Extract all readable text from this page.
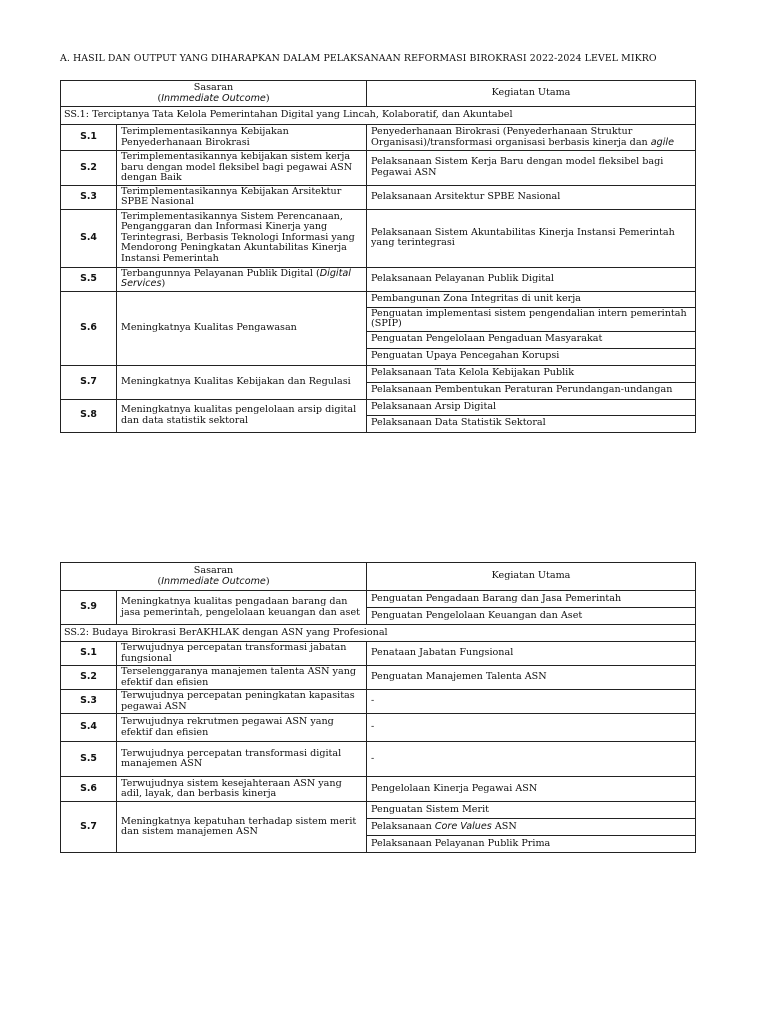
A. HASIL DAN OUTPUT YANG DIHARAPKAN DALAM PELAKSANAAN REFORMASI BIROKRASI 2022-2024 LEVEL MIKRO
Sasaran
(Inmmediate Outcome)		Kegiatan Utama
SS.1: Terciptanya Tata Kelola Pemerintahan Digital yang Lincah, Kolaboratif, dan Akuntabel		
S.1	Terimplementasikannya Kebijakan Penyederhanaan Birokrasi	Penyederhanaan Birokrasi (Penyederhanaan Struktur Organisasi)/transformasi organisasi berbasis kinerja dan agile
S.2	Terimplementasikannya kebijakan sistem kerja baru dengan model fleksibel bagi pegawai ASN dengan Baik	Pelaksanaan Sistem Kerja Baru dengan model fleksibel bagi Pegawai ASN
S.3	Terimplementasikannya Kebijakan Arsitektur SPBE Nasional	Pelaksanaan Arsitektur SPBE Nasional
S.4	Terimplementasikannya Sistem Perencanaan, Penganggaran dan Informasi Kinerja yang Terintegrasi, Berbasis Teknologi Informasi yang Mendorong Peningkatan Akuntabilitas Kinerja Instansi Pemerintah	Pelaksanaan Sistem Akuntabilitas Kinerja Instansi Pemerintah yang terintegrasi
S.5	Terbangunnya Pelayanan Publik Digital (Digital Services)	Pelaksanaan Pelayanan Publik Digital
S.6	Meningkatnya Kualitas Pengawasan	Pembangunan Zona Integritas di unit kerja
		Penguatan implementasi sistem pengendalian intern pemerintah (SPIP)
		Penguatan Pengelolaan Pengaduan Masyarakat
		Penguatan Upaya Pencegahan Korupsi
S.7	Meningkatnya Kualitas Kebijakan dan Regulasi	Pelaksanaan Tata Kelola Kebijakan Publik
		Pelaksanaan Pembentukan Peraturan Perundangan-undangan
S.8	Meningkatnya kualitas pengelolaan arsip digital dan data statistik sektoral	Pelaksanaan Arsip Digital
		Pelaksanaan Data Statistik Sektoral
Sasaran
(Inmmediate Outcome)		Kegiatan Utama
S.9	Meningkatnya kualitas pengadaan barang dan jasa pemerintah, pengelolaan keuangan dan aset	Penguatan Pengadaan Barang dan Jasa Pemerintah
		Penguatan Pengelolaan Keuangan dan Aset
SS.2: Budaya Birokrasi BerAKHLAK dengan ASN yang Profesional		
S.1	Terwujudnya percepatan transformasi jabatan fungsional	Penataan Jabatan Fungsional
S.2	Terselenggaranya manajemen talenta ASN yang efektif dan efisien	Penguatan Manajemen Talenta ASN
S.3	Terwujudnya percepatan peningkatan kapasitas pegawai ASN	-
S.4	Terwujudnya rekrutmen pegawai ASN yang efektif dan efisien	-
S.5	Terwujudnya percepatan transformasi digital manajemen ASN	-
S.6	Terwujudnya sistem kesejahteraan ASN yang adil, layak, dan berbasis kinerja	Pengelolaan Kinerja Pegawai ASN
S.7	Meningkatnya kepatuhan terhadap sistem merit dan sistem manajemen ASN	Penguatan Sistem Merit
		Pelaksanaan Core Values ASN
		Pelaksanaan Pelayanan Publik Prima
